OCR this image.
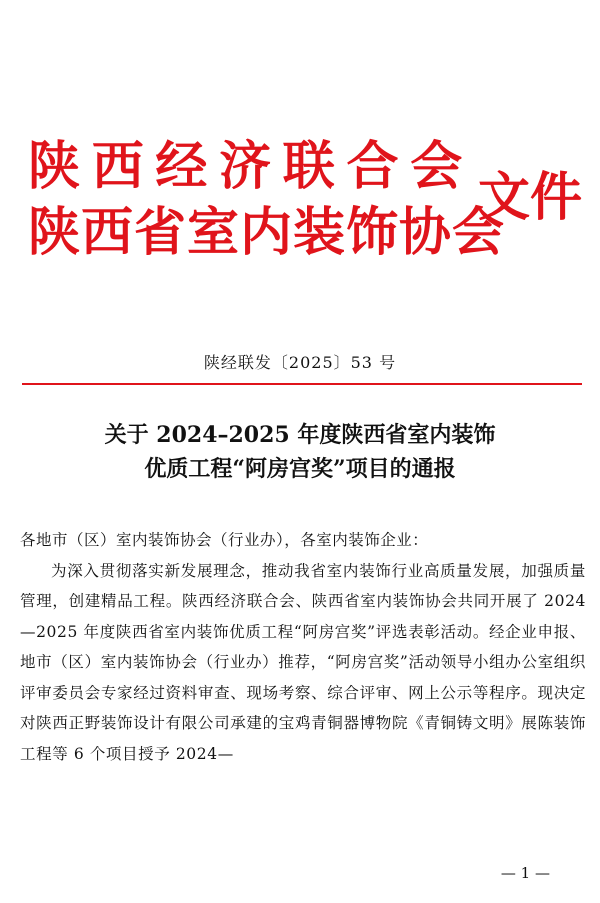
陕西经济联合会
陕西省室内装饰协会
文件
陕经联发〔2025〕53 号
关于 2024–2025 年度陕西省室内装饰
优质工程“阿房宫奖”项目的通报
各地市（区）室内装饰协会（行业办），各室内装饰企业：
为深入贯彻落实新发展理念，推动我省室内装饰行业高质量发展，加强质量管理，创建精品工程。陕西经济联合会、陕西省室内装饰协会共同开展了 2024—2025 年度陕西省室内装饰优质工程“阿房宫奖”评选表彰活动。经企业申报、地市（区）室内装饰协会（行业办）推荐，“阿房宫奖”活动领导小组办公室组织评审委员会专家经过资料审查、现场考察、综合评审、网上公示等程序。现决定对陕西正野装饰设计有限公司承建的宝鸡青铜器博物院《青铜铸文明》展陈装饰工程等 6 个项目授予 2024—
— 1 —
